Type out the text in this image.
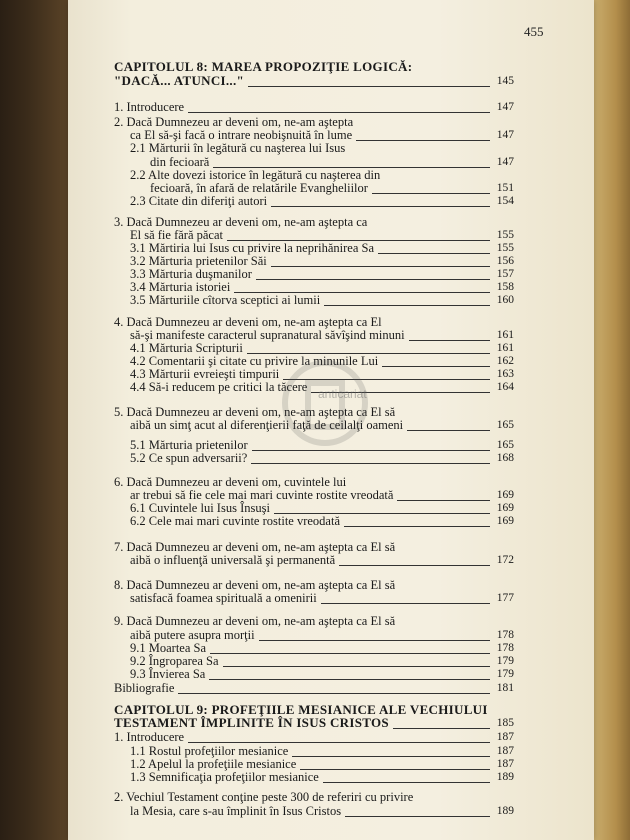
455
CAPITOLUL 8: MAREA PROPOZIŢIE LOGICĂ:
"DACĂ... ATUNCI..."	145
1. Introducere	147
2. Dacă Dumnezeu ar deveni om, ne-am aştepta
ca El să-şi facă o intrare neobişnuită în lume	147
2.1 Mărturii în legătură cu naşterea lui Isus
din fecioară	147
2.2 Alte dovezi istorice în legătură cu naşterea din
fecioară, în afară de relatările Evangheliilor	151
2.3 Citate din diferiţi autori	154
3. Dacă Dumnezeu ar deveni om, ne-am aştepta ca
El să fie fără păcat	155
3.1 Mărtiria lui Isus cu privire la neprihănirea Sa	155
3.2 Mărturia prietenilor Săi	156
3.3 Mărturia duşmanilor	157
3.4 Mărturia istoriei	158
3.5 Mărturiile cîtorva sceptici ai lumii	160
4. Dacă Dumnezeu ar deveni om, ne-am aştepta ca El
să-şi manifeste caracterul supranatural săvîşind minuni	161
4.1 Mărturia Scripturii	161
4.2 Comentarii şi citate cu privire la minunile Lui	162
4.3 Mărturii evreieşti timpurii	163
4.4 Să-i reducem pe critici la tăcere	164
5. Dacă Dumnezeu ar deveni om, ne-am aştepta ca El să
aibă un simţ acut al diferenţierii faţă de ceilalţi oameni	165
5.1 Mărturia prietenilor	165
5.2 Ce spun adversarii?	168
6. Dacă Dumnezeu ar deveni om, cuvintele lui
ar trebui să fie cele mai mari cuvinte rostite vreodată	169
6.1 Cuvintele lui Isus Însuşi	169
6.2 Cele mai mari cuvinte rostite vreodată	169
7. Dacă Dumnezeu ar deveni om, ne-am aştepta ca El să
aibă o influenţă universală şi permanentă	172
8. Dacă Dumnezeu ar deveni om, ne-am aştepta ca El să
satisfacă foamea spirituală a omenirii	177
9. Dacă Dumnezeu ar deveni om, ne-am aştepta ca El să
aibă putere asupra morţii	178
9.1 Moartea Sa	178
9.2 Îngroparea Sa	179
9.3 Învierea Sa	179
Bibliografie	181
CAPITOLUL 9: PROFEŢIILE MESIANICE ALE VECHIULUI
TESTAMENT ÎMPLINITE ÎN ISUS CRISTOS	185
1. Introducere	187
1.1 Rostul profeţiilor mesianice	187
1.2 Apelul la profeţiile mesianice	187
1.3 Semnificaţia profeţiilor mesianice	189
2. Vechiul Testament conţine peste 300 de referiri cu privire
la Mesia, care s-au împlinit în Isus Cristos	189
anticariat
